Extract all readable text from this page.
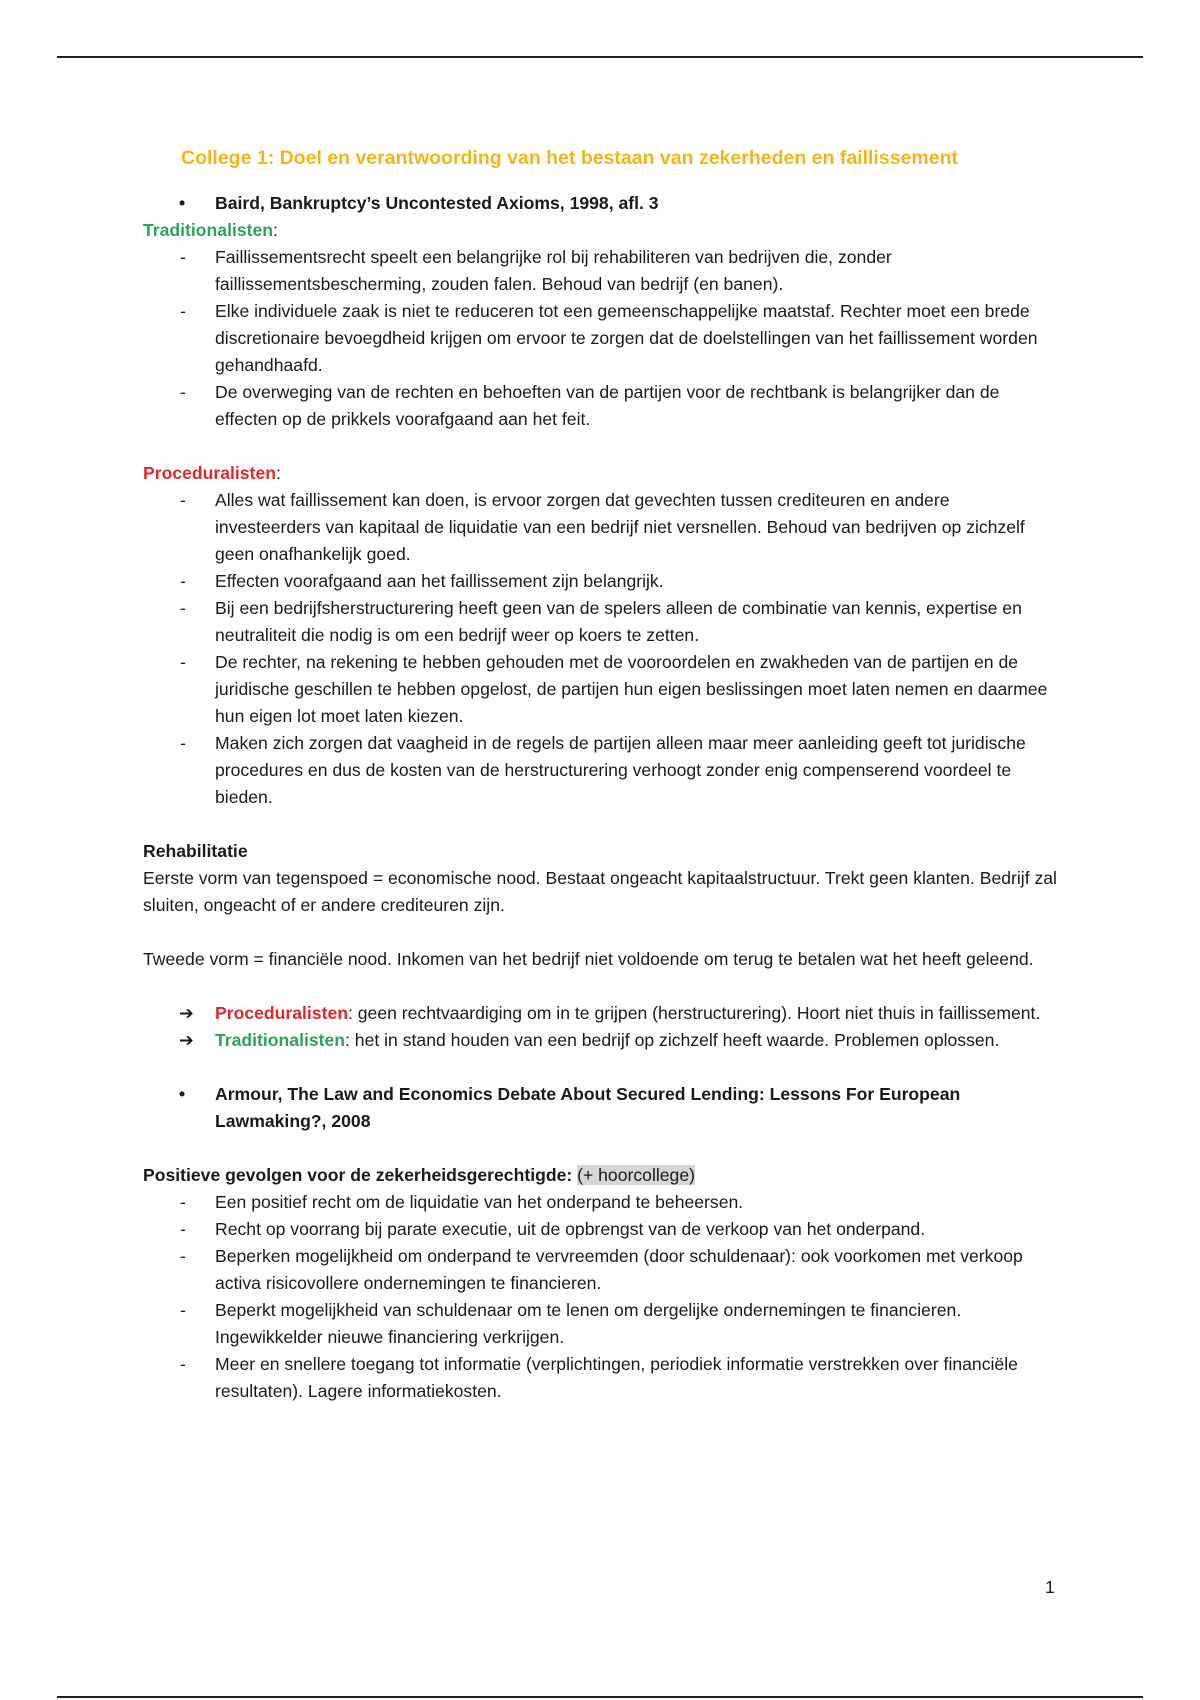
College 1: Doel en verantwoording van het bestaan van zekerheden en faillissement

• Baird, Bankruptcy’s Uncontested Axioms, 1998, afl. 3

Traditionalisten:

- Faillissementsrecht speelt een belangrijke rol bij rehabiliteren van bedrijven die, zonder faillissementsbescherming, zouden falen. Behoud van bedrijf (en banen).

- Elke individuele zaak is niet te reduceren tot een gemeenschappelijke maatstaf. Rechter moet een brede discretionaire bevoegdheid krijgen om ervoor te zorgen dat de doelstellingen van het faillissement worden gehandhaafd.

- De overweging van de rechten en behoeften van de partijen voor de rechtbank is belangrijker dan de effecten op de prikkels voorafgaand aan het feit.

Proceduralisten:

- Alles wat faillissement kan doen, is ervoor zorgen dat gevechten tussen crediteuren en andere investeerders van kapitaal de liquidatie van een bedrijf niet versnellen. Behoud van bedrijven op zichzelf geen onafhankelijk goed.

- Effecten voorafgaand aan het faillissement zijn belangrijk.

- Bij een bedrijfsherstructurering heeft geen van de spelers alleen de combinatie van kennis, expertise en neutraliteit die nodig is om een bedrijf weer op koers te zetten.

- De rechter, na rekening te hebben gehouden met de vooroordelen en zwakheden van de partijen en de juridische geschillen te hebben opgelost, de partijen hun eigen beslissingen moet laten nemen en daarmee hun eigen lot moet laten kiezen.

- Maken zich zorgen dat vaagheid in de regels de partijen alleen maar meer aanleiding geeft tot juridische procedures en dus de kosten van de herstructurering verhoogt zonder enig compenserend voordeel te bieden.

Rehabilitatie

Eerste vorm van tegenspoed = economische nood. Bestaat ongeacht kapitaalstructuur. Trekt geen klanten. Bedrijf zal sluiten, ongeacht of er andere crediteuren zijn.

Tweede vorm = financiële nood. Inkomen van het bedrijf niet voldoende om terug te betalen wat het heeft geleend.

➔ Proceduralisten: geen rechtvaardiging om in te grijpen (herstructurering). Hoort niet thuis in faillissement.

➔ Traditionalisten: het in stand houden van een bedrijf op zichzelf heeft waarde. Problemen oplossen.

• Armour, The Law and Economics Debate About Secured Lending: Lessons For European Lawmaking?, 2008

Positieve gevolgen voor de zekerheidsgerechtigde: (+ hoorcollege)

- Een positief recht om de liquidatie van het onderpand te beheersen.

- Recht op voorrang bij parate executie, uit de opbrengst van de verkoop van het onderpand.

- Beperken mogelijkheid om onderpand te vervreemden (door schuldenaar): ook voorkomen met verkoop activa risicovollere ondernemingen te financieren.

- Beperkt mogelijkheid van schuldenaar om te lenen om dergelijke ondernemingen te financieren. Ingewikkelder nieuwe financiering verkrijgen.

- Meer en snellere toegang tot informatie (verplichtingen, periodiek informatie verstrekken over financiële resultaten). Lagere informatiekosten.

1
